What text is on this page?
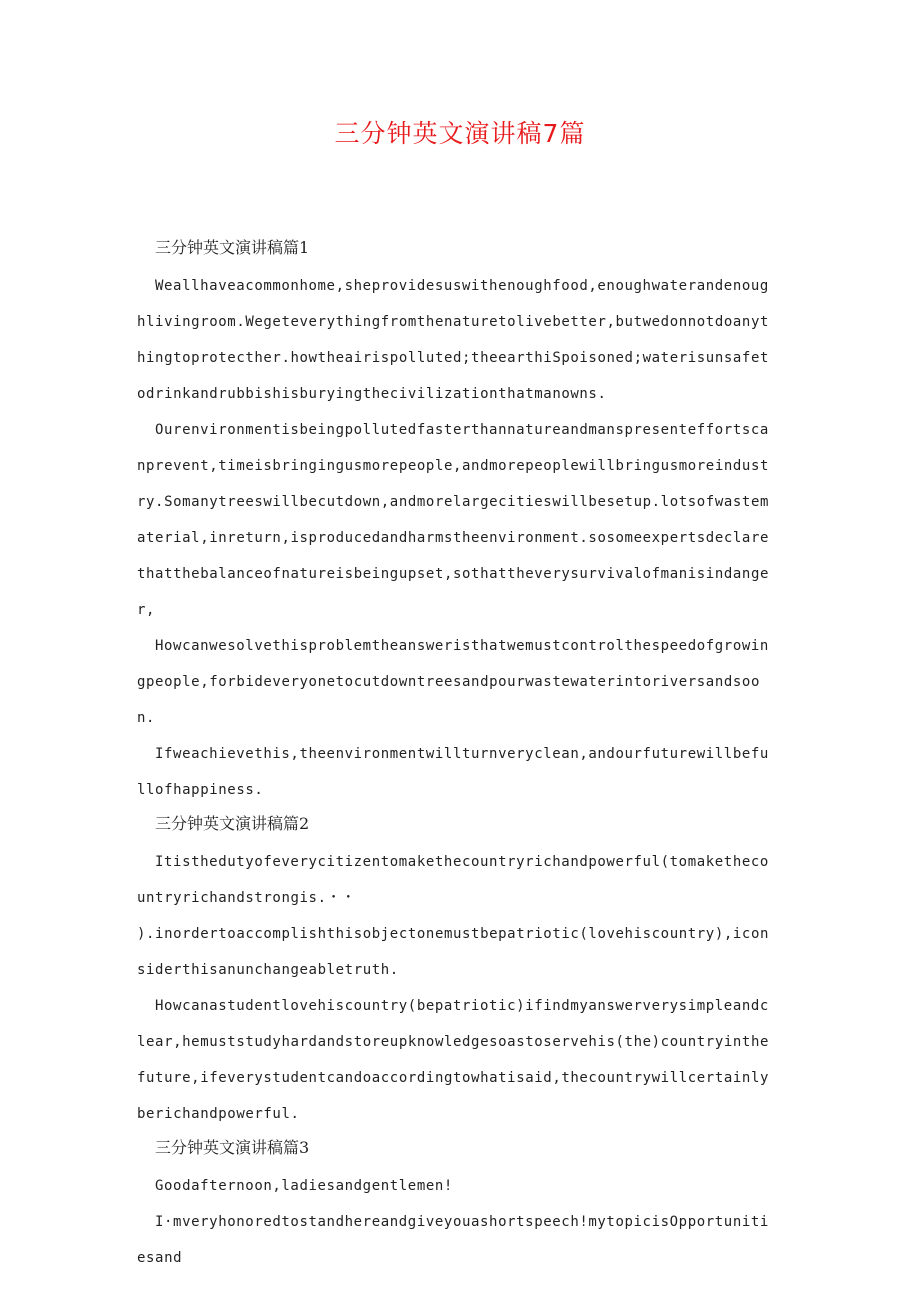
三分钟英文演讲稿7篇
三分钟英文演讲稿篇1

Weallhaveacommonhome,sheprovidesuswithenoughfood,enoughwaterandenoughlivingroom.Wegeteverythingfromthenaturetolivebetter,butwedonnotdoanythingtoprotecther.howtheairispolluted;theearthiSpoisoned;waterisunsafetodrinkandrubbishisburyingthecivilizationthatmanowns.

Ourenvironmentisbeingpollutedfasterthannatureandmanspresenteffortscanprevent,timeisbringingusmorepeople,andmorepeoplewillbringusmoreindustry.Somanytreeswillbecutdown,andmorelargecitieswillbesetup.lotsofwastematerial,inreturn,isproducedandharmstheenvironment.sosomeexpertsdeclarethatthebalanceofnatureisbeingupset,sothattheverysurvivalofmanisindanger,

Howcanwesolvethisproblemtheansweristhatwemustcontrolthespeedofgrowingpeople,forbideveryonetocutdowntreesandpourwastewaterintoriversandsoon.

Ifweachievethis,theenvironmentwillturnveryclean,andourfuturewillbefullofhappiness.

三分钟英文演讲稿篇2

Itisthedutyofeverycitizentomakethecountryrichandpowerful(tomakethecountryrichandstrongis.・・

).inordertoaccomplishthisobjectonemustbepatriotic(lovehiscountry),iconsiderthisanunchangeabletruth.

Howcanastudentlovehiscountry(bepatriotic)ifindmyanswerverysimpleandclear,hemuststudyhardandstoreupknowledgesoastoservehis(the)countryinthefuture,ifeverystudentcandoaccordingtowhatisaid,thecountrywillcertainlyberichandpowerful.

三分钟英文演讲稿篇3

Goodafternoon,ladiesandgentlemen!

I·mveryhonoredtostandhereandgiveyouashortspeech!mytopicisOpportunitiesand
